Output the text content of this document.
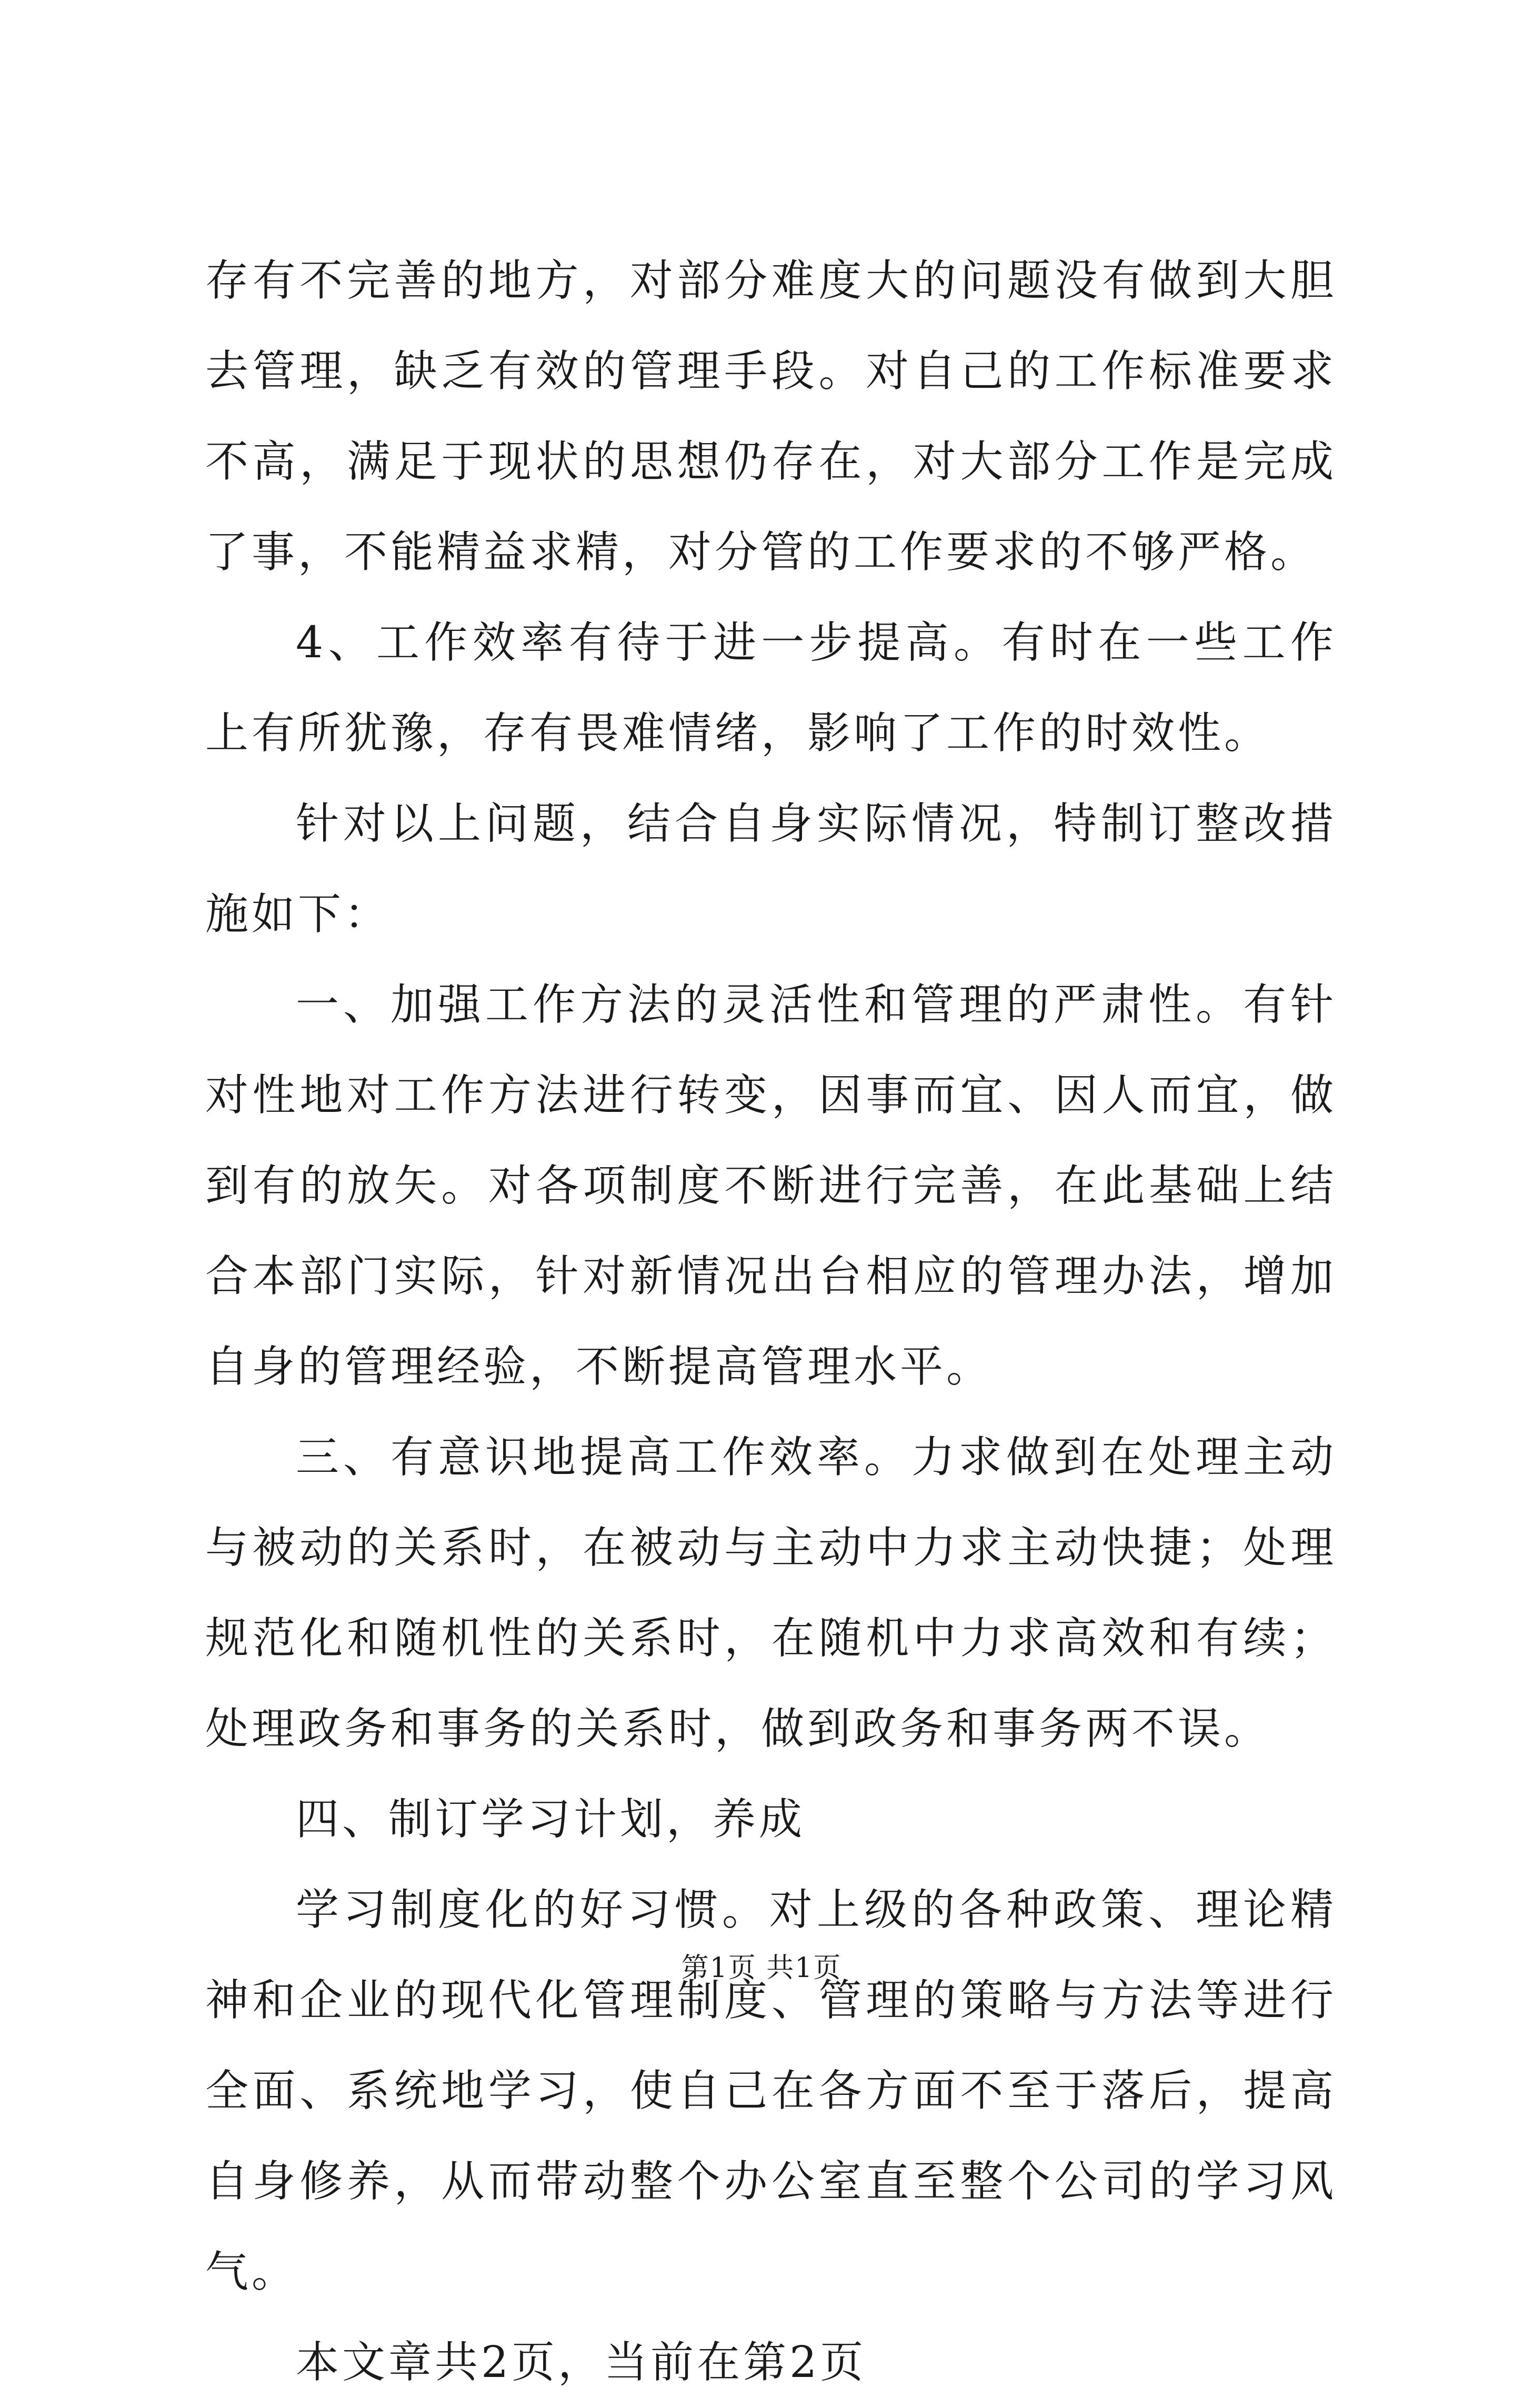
存有不完善的地方，对部分难度大的问题没有做到大胆去管理，缺乏有效的管理手段。对自己的工作标准要求不高，满足于现状的思想仍存在，对大部分工作是完成了事，不能精益求精，对分管的工作要求的不够严格。

4、工作效率有待于进一步提高。有时在一些工作上有所犹豫，存有畏难情绪，影响了工作的时效性。

针对以上问题，结合自身实际情况，特制订整改措施如下：

一、加强工作方法的灵活性和管理的严肃性。有针对性地对工作方法进行转变，因事而宜、因人而宜，做到有的放矢。对各项制度不断进行完善，在此基础上结合本部门实际，针对新情况出台相应的管理办法，增加自身的管理经验，不断提高管理水平。

三、有意识地提高工作效率。力求做到在处理主动与被动的关系时，在被动与主动中力求主动快捷；处理规范化和随机性的关系时，在随机中力求高效和有续；处理政务和事务的关系时，做到政务和事务两不误。

四、制订学习计划，养成

学习制度化的好习惯。对上级的各种政策、理论精神和企业的现代化管理制度、管理的策略与方法等进行全面、系统地学习，使自己在各方面不至于落后，提高自身修养，从而带动整个办公室直至整个公司的学习风气。

本文章共2页，当前在第2页

第1页 共1页
